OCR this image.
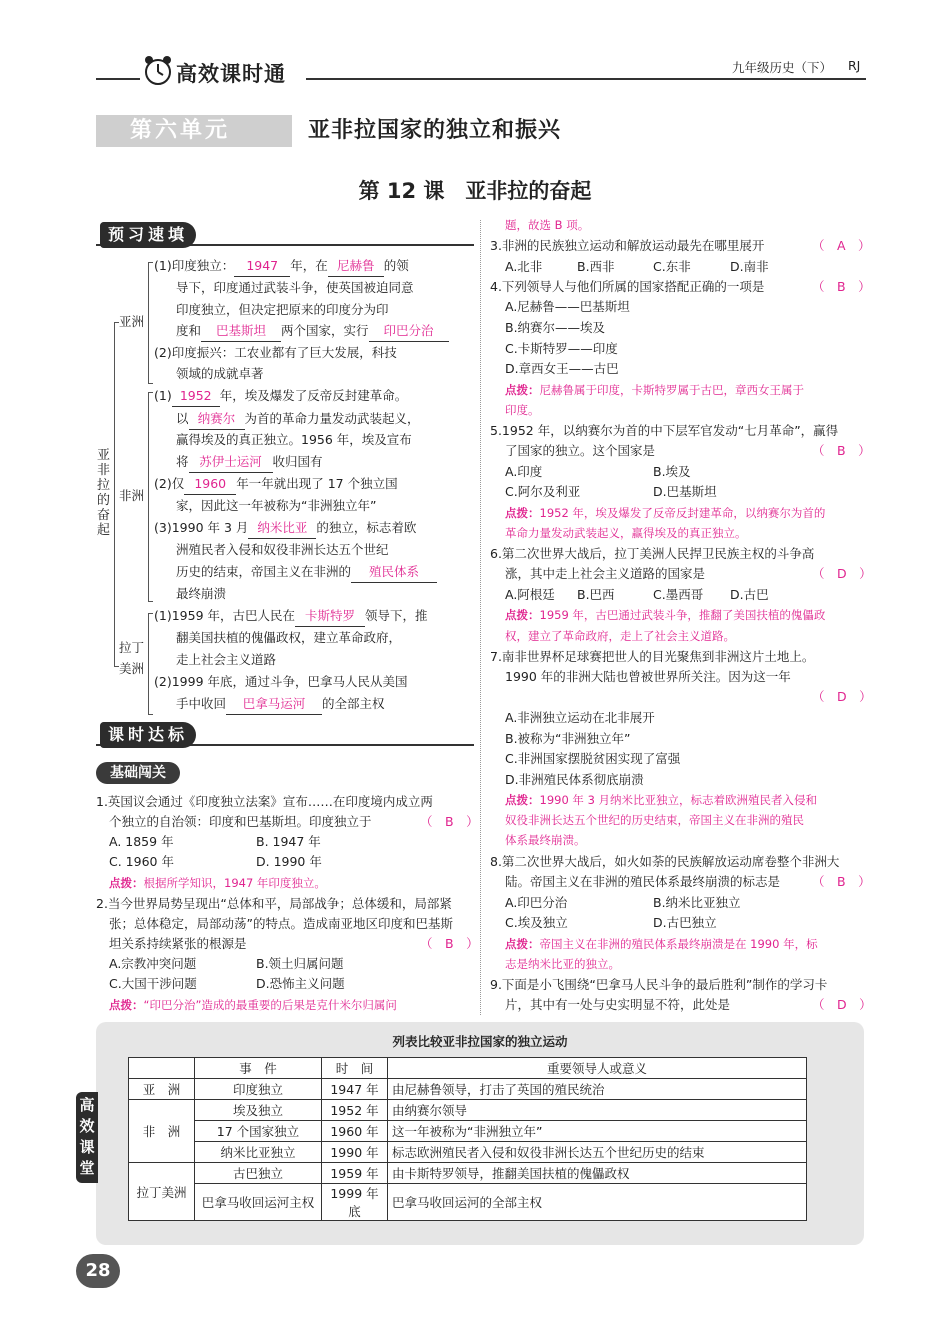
高效课时通	九年级历史（下） RJ
第六单元	亚非拉国家的独立和振兴
第 12 课　亚非拉的奋起
预习速填
亚非拉的奋起
亚洲
(1)印度独立： 1947 年，在 尼赫鲁 的领
导下，印度通过武装斗争，使英国被迫同意
印度独立，但决定把原来的印度分为印
度和 巴基斯坦 两个国家，实行 印巴分治
(2)印度振兴：工农业都有了巨大发展，科技
领域的成就卓著
非洲
(1) 1952 年，埃及爆发了反帝反封建革命。
以 纳赛尔 为首的革命力量发动武装起义，
赢得埃及的真正独立。1956 年，埃及宣布
将 苏伊士运河 收归国有
(2)仅 1960 年一年就出现了 17 个独立国
家，因此这一年被称为“非洲独立年”
(3)1990 年 3 月 纳米比亚 的独立，标志着欧
洲殖民者入侵和奴役非洲长达五个世纪
历史的结束，帝国主义在非洲的 殖民体系
最终崩溃
拉丁
美洲
(1)1959 年，古巴人民在 卡斯特罗 领导下，推
翻美国扶植的傀儡政权，建立革命政府，
走上社会主义道路
(2)1999 年底，通过斗争，巴拿马人民从美国
手中收回 巴拿马运河 的全部主权
课时达标
基础闯关
1.英国议会通过《印度独立法案》宣布……在印度境内成立两
个独立的自治领：印度和巴基斯坦。印度独立于	（　B　）
A. 1859 年	B. 1947 年
C. 1960 年	D. 1990 年
点拨：根据所学知识，1947 年印度独立。
2.当今世界局势呈现出“总体和平，局部战争；总体缓和，局部紧
张；总体稳定，局部动荡”的特点。造成南亚地区印度和巴基斯
坦关系持续紧张的根源是	（　B　）
A.宗教冲突问题	B.领土归属问题
C.大国干涉问题	D.恐怖主义问题
点拨：“印巴分治”造成的最重要的后果是克什米尔归属问
题，故选 B 项。
3.非洲的民族独立运动和解放运动最先在哪里展开	（　A　）
A.北非	B.西非	C.东非	D.南非
4.下列领导人与他们所属的国家搭配正确的一项是	（　B　）
A.尼赫鲁——巴基斯坦
B.纳赛尔——埃及
C.卡斯特罗——印度
D.章西女王——古巴
点拨：尼赫鲁属于印度，卡斯特罗属于古巴，章西女王属于
印度。
5.1952 年，以纳赛尔为首的中下层军官发动“七月革命”，赢得
了国家的独立。这个国家是	（　B　）
A.印度	B.埃及
C.阿尔及利亚	D.巴基斯坦
点拨：1952 年，埃及爆发了反帝反封建革命，以纳赛尔为首的
革命力量发动武装起义，赢得埃及的真正独立。
6.第二次世界大战后，拉丁美洲人民捍卫民族主权的斗争高
涨，其中走上社会主义道路的国家是	（　D　）
A.阿根廷 B.巴西	C.墨西哥 D.古巴
点拨：1959 年，古巴通过武装斗争，推翻了美国扶植的傀儡政
权，建立了革命政府，走上了社会主义道路。
7.南非世界杯足球赛把世人的目光聚焦到非洲这片土地上。
1990 年的非洲大陆也曾被世界所关注。因为这一年
（　D　）
A.非洲独立运动在北非展开
B.被称为“非洲独立年”
C.非洲国家摆脱贫困实现了富强
D.非洲殖民体系彻底崩溃
点拨：1990 年 3 月纳米比亚独立，标志着欧洲殖民者入侵和
奴役非洲长达五个世纪的历史结束，帝国主义在非洲的殖民
体系最终崩溃。
8.第二次世界大战后，如火如荼的民族解放运动席卷整个非洲大
陆。帝国主义在非洲的殖民体系最终崩溃的标志是	（　B　）
A.印巴分治	B.纳米比亚独立
C.埃及独立	D.古巴独立
点拨：帝国主义在非洲的殖民体系最终崩溃是在 1990 年，标
志是纳米比亚的独立。
9.下面是小飞围绕“巴拿马人民斗争的最后胜利”制作的学习卡
片，其中有一处与史实明显不符，此处是	（　D　）
列表比较亚非拉国家的独立运动
	事　件	时　间	重要领导人或意义
亚　洲	印度独立	1947 年	由尼赫鲁领导，打击了英国的殖民统治
非　洲	埃及独立	1952 年	由纳赛尔领导
	17 个国家独立	1960 年	这一年被称为“非洲独立年”
	纳米比亚独立	1990 年	标志欧洲殖民者入侵和奴役非洲长达五个世纪历史的结束
拉丁美洲	古巴独立	1959 年	由卡斯特罗领导，推翻美国扶植的傀儡政权
	巴拿马收回运河主权	1999 年底	巴拿马收回运河的全部主权
高效课堂
28
